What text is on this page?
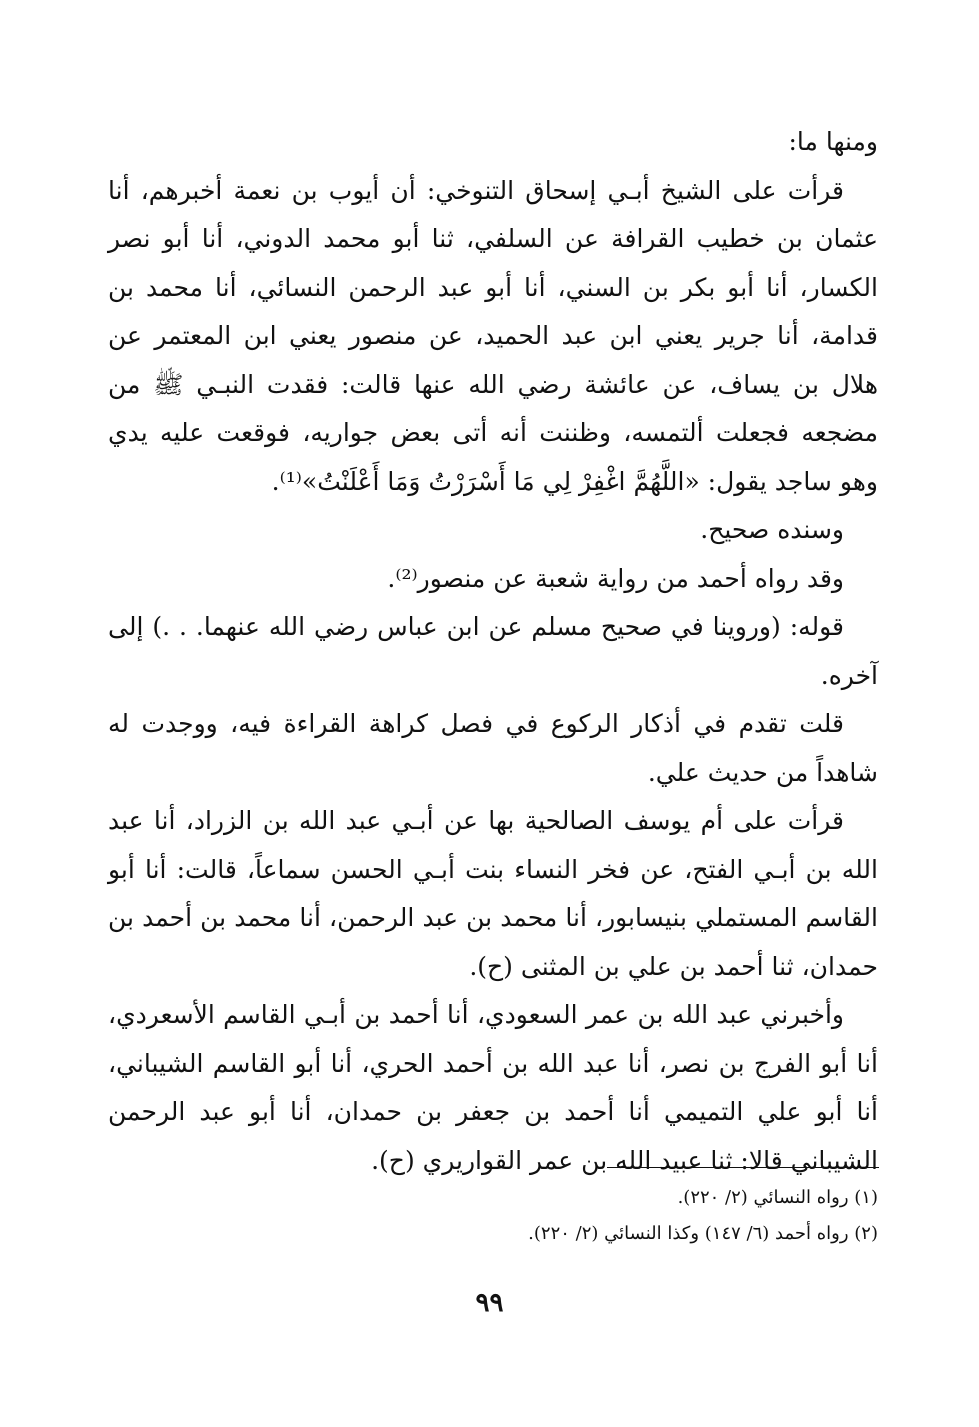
ومنها ما:

قرأت على الشيخ أبـي إسحاق التنوخي: أن أيوب بن نعمة أخبرهم، أنا عثمان بن خطيب القرافة عن السلفي، ثنا أبو محمد الدوني، أنا أبو نصر الكسار، أنا أبو بكر بن السني، أنا أبو عبد الرحمن النسائي، أنا محمد بن قدامة، أنا جرير يعني ابن عبد الحميد، عن منصور يعني ابن المعتمر عن هلال بن يساف، عن عائشة رضي الله عنها قالت: فقدت النبـي ﷺ من مضجعه فجعلت ألتمسه، وظننت أنه أتى بعض جواريه، فوقعت عليه يدي وهو ساجد يقول: «اللَّهُمَّ اغْفِرْ لِي مَا أَسْرَرْتُ وَمَا أَعْلَنْتُ»⁽¹⁾.

وسنده صحيح.

وقد رواه أحمد من رواية شعبة عن منصور⁽²⁾.

قوله: (وروينا في صحيح مسلم عن ابن عباس رضي الله عنهما. . .) إلى آخره.

قلت تقدم في أذكار الركوع في فصل كراهة القراءة فيه، ووجدت له شاهداً من حديث علي.

قرأت على أم يوسف الصالحية بها عن أبـي عبد الله بن الزراد، أنا عبد الله بن أبـي الفتح، عن فخر النساء بنت أبـي الحسن سماعاً، قالت: أنا أبو القاسم المستملي بنيسابور، أنا محمد بن عبد الرحمن، أنا محمد بن أحمد بن حمدان، ثنا أحمد بن علي بن المثنى (ح).

وأخبرني عبد الله بن عمر السعودي، أنا أحمد بن أبـي القاسم الأسعردي، أنا أبو الفرج بن نصر، أنا عبد الله بن أحمد الحري، أنا أبو القاسم الشيباني، أنا أبو علي التميمي أنا أحمد بن جعفر بن حمدان، أنا أبو عبد الرحمن الشيباني قالا: ثنا عبيد الله بن عمر القواريري (ح).

(١) رواه النسائي (٢/ ٢٢٠).

(٢) رواه أحمد (٦/ ١٤٧) وكذا النسائي (٢/ ٢٢٠).

٩٩
